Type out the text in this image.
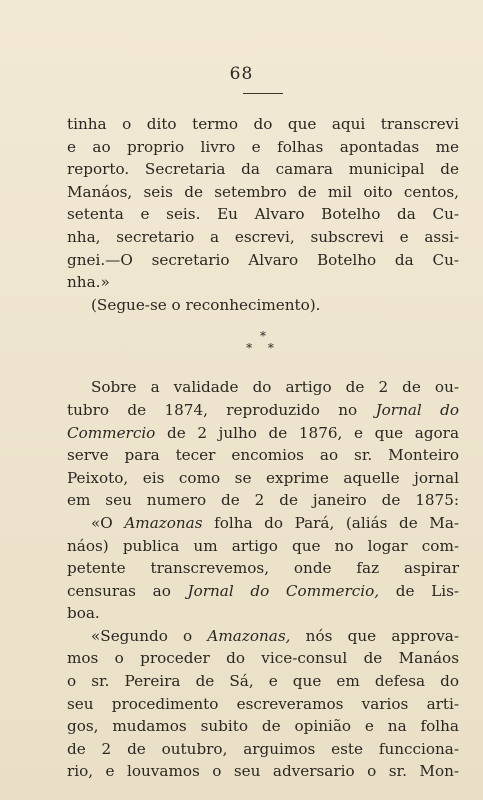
68
tinha o dito termo do que aqui transcrevi
e ao proprio livro e folhas apontadas me
reporto. Secretaria da camara municipal de
Manáos, seis de setembro de mil oito centos,
setenta e seis. Eu Alvaro Botelho da Cu-
nha, secretario a escrevi, subscrevi e assi-
gnei.—O secretario Alvaro Botelho da Cu-
nha.»
(Segue-se o reconhecimento).
*
* *
Sobre a validade do artigo de 2 de ou-
tubro de 1874, reproduzido no Jornal do
Commercio de 2 julho de 1876, e que agora
serve para tecer encomios ao sr. Monteiro
Peixoto, eis como se exprime aquelle jornal
em seu numero de 2 de janeiro de 1875:
«O Amazonas folha do Pará, (aliás de Ma-
náos) publica um artigo que no logar com-
petente transcrevemos, onde faz aspirar
censuras ao Jornal do Commercio, de Lis-
boa.
«Segundo o Amazonas, nós que approva-
mos o proceder do vice-consul de Manáos
o sr. Pereira de Sá, e que em defesa do
seu procedimento escreveramos varios arti-
gos, mudamos subito de opinião e na folha
de 2 de outubro, arguimos este funcciona-
rio, e louvamos o seu adversario o sr. Mon-
